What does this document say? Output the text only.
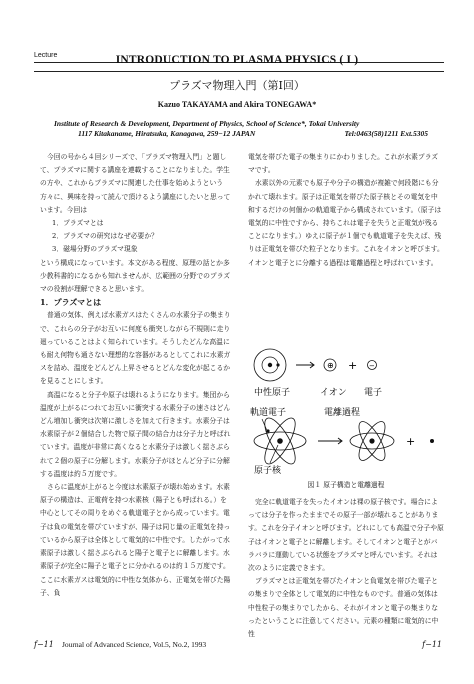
Lecture	INTRODUCTION TO PLASMA PHYSICS ( I )
プラズマ物理入門（第Ⅰ回）
Kazuo TAKAYAMA and Akira TONEGAWA*
Institute of Research & Development, Department of Physics, School of Science*, Tokai University
1117 Kitakaname, Hiratsuka, Kanagawa, 259−12 JAPAN	Tel:0463(58)1211 Ext.5305

今回の号から４回シリーズで、「プラズマ物理入門」と題して、プラズマに関する講座を連載することになりました。学生の方や、これからプラズマに関連した仕事を始めようという方々に、興味を持って読んで頂けるよう講座にしたいと思っています。今回は

1．プラズマとは

2．プラズマの研究はなぜ必要か？

3．磁場分野のプラズマ現象

という構成になっています。本文がある程度、原理の話とか多少教科書的になるかも知れませんが、広範囲の分野でのプラズマの役割が理解できると思います。

1．プラズマとは

普通の気体、例えば水素ガスはたくさんの水素分子の集まりで、これらの分子がお互いに何度も衝突しながら不規則に走り廻っていることはよく知られています。そうしたどんな高温にも耐え何物も通さない理想的な容器があるとしてこれに水素ガスを詰め、温度をどんどん上昇させるとどんな変化が起こるかを見ることにします。

高温になると分子や原子は壊れるようになります。集団から温度が上がるにつれてお互いに衝突する水素分子の速さはどんどん増加し衝突は次第に激しさを加えて行きます。水素分子は水素原子が２個結合した物で原子間の結合力は分子力と呼ばれています。温度が非常に高くなると水素分子は激しく揺さぶられて２個の原子に分解します。水素分子がほとんど分子に分解する温度は約５万度です。

さらに温度が上がると今度は水素原子が壊れ始めます。水素原子の構造は、正電荷を持つ水素核（陽子とも呼ばれる。）を中心としてその周りをめぐる軌道電子とから成っています。電子は負の電気を帯びていますが、陽子は同じ量の正電気を持っているから原子は全体として電気的に中性です。したがって水素原子は激しく揺さぶられると陽子と電子とに解離します。水素原子が完全に陽子と電子とに分かれるのは約１５万度です。ここに水素ガスは電気的に中性な気体から、正電気を帯びた陽子、負

電気を帯びた電子の集まりにかわりました。これが水素プラズマです。

水素以外の元素でも原子や分子の構造が複雑で何段階にも分かれて壊れます。原子は正電気を帯びた原子核とその電気を中和するだけの何個かの軌道電子から構成されています。（原子は電気的に中性ですから、持ちこれは電子を失うと正電気が残ることになります。）ゆえに原子が１個でも軌道電子を失えば、残りは正電気を帯びた粒子となります。これをイオンと呼びます。イオンと電子とに分離する過程は電離過程と呼ばれています。

⊕ + −
中性原子	イオン 電子
軌道電子	電離過程
+
原子核
図１ 原子構造と電離過程

完全に軌道電子を失ったイオンは裸の原子核です。場合によっては分子を作ったままでその原子一部が壊れることがあります。これを分子イオンと呼びます。どれにしても高温で分子や原子はイオンと電子とに解離します。そしてイオンと電子とがバラバラに運動している状態をプラズマと呼んでいます。それは次のように定義できます。

プラズマとは正電気を帯びたイオンと負電気を帯びた電子との集まりで全体として電気的に中性なものです。普通の気体は中性粒子の集まりでしたから、それがイオンと電子の集まりなったということに注意してください。元素の種類に電気的に中性

f−11 Journal of Advanced Science, Vol.5, No.2, 1993	f−11
